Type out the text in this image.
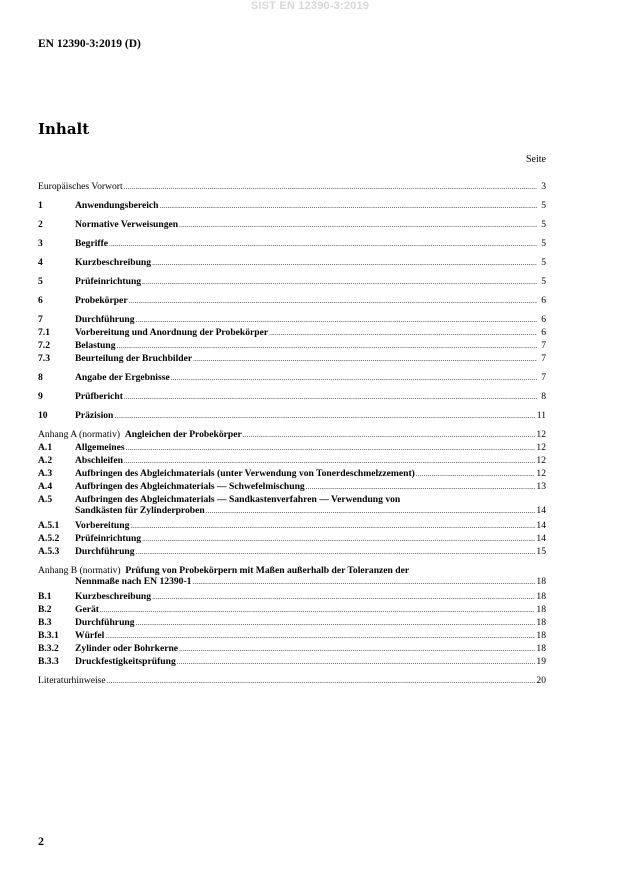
SIST EN 12390-3:2019
EN 12390-3:2019 (D)
Inhalt
Seite
Europäisches Vorwort .....	3
1	Anwendungsbereich .....	5
2	Normative Verweisungen .....	5
3	Begriffe .....	5
4	Kurzbeschreibung .....	5
5	Prüfeinrichtung .....	5
6	Probekörper .....	6
7	Durchführung .....	6
7.1	Vorbereitung und Anordnung der Probekörper .....	6
7.2	Belastung .....	7
7.3	Beurteilung der Bruchbilder .....	7
8	Angabe der Ergebnisse .....	7
9	Prüfbericht .....	8
10	Präzision .....	11
Anhang A (normativ)  Angleichen der Probekörper .....	12
A.1	Allgemeines .....	12
A.2	Abschleifen .....	12
A.3	Aufbringen des Abgleichmaterials (unter Verwendung von Tonerdeschmelzzement) .....	12
A.4	Aufbringen des Abgleichmaterials — Schwefelmischung .....	13
A.5	Aufbringen des Abgleichmaterials — Sandkastenverfahren — Verwendung von
Sandkästen für Zylinderproben .....	14
A.5.1	Vorbereitung .....	14
A.5.2	Prüfeinrichtung .....	14
A.5.3	Durchführung .....	15
Anhang B (normativ)  Prüfung von Probekörpern mit Maßen außerhalb der Toleranzen der
Nennmaße nach EN 12390-1 .....	18
B.1	Kurzbeschreibung .....	18
B.2	Gerät .....	18
B.3	Durchführung .....	18
B.3.1	Würfel .....	18
B.3.2	Zylinder oder Bohrkerne .....	18
B.3.3	Druckfestigkeitsprüfung .....	19
Literaturhinweise .....	20
2
